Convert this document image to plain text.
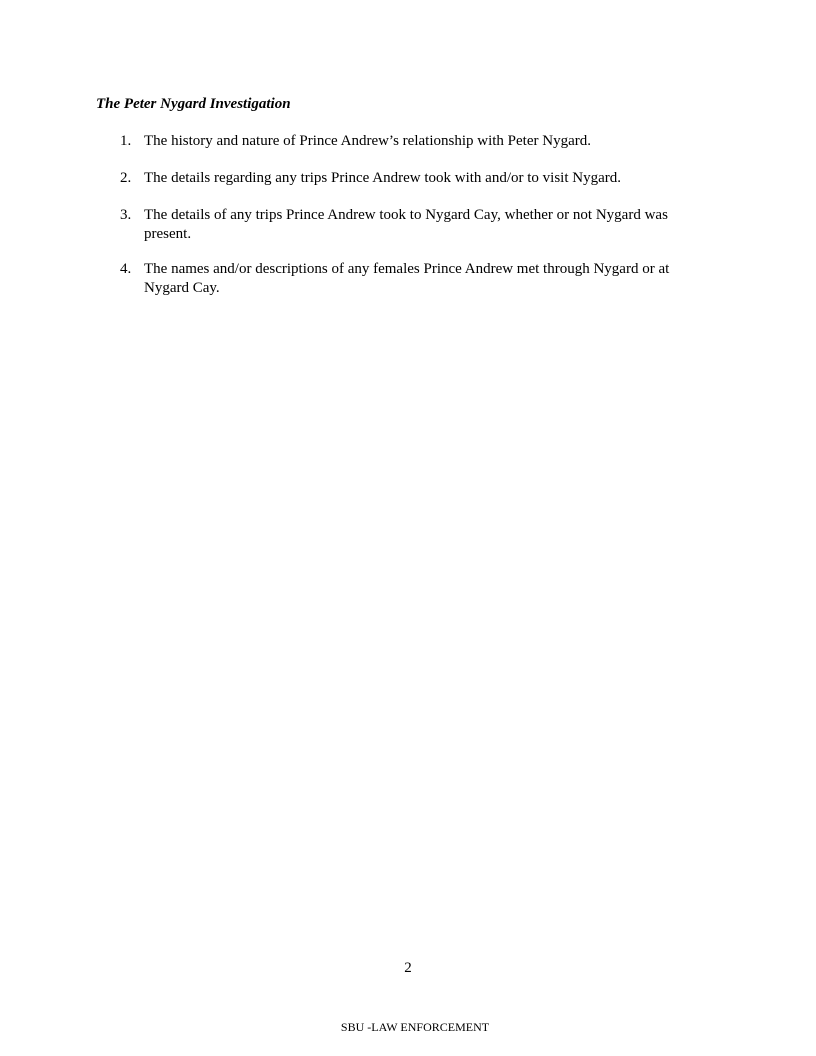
The Peter Nygard Investigation
1. The history and nature of Prince Andrew’s relationship with Peter Nygard.
2. The details regarding any trips Prince Andrew took with and/or to visit Nygard.
3. The details of any trips Prince Andrew took to Nygard Cay, whether or not Nygard was present.
4. The names and/or descriptions of any females Prince Andrew met through Nygard or at Nygard Cay.
2
SBU -LAW ENFORCEMENT
